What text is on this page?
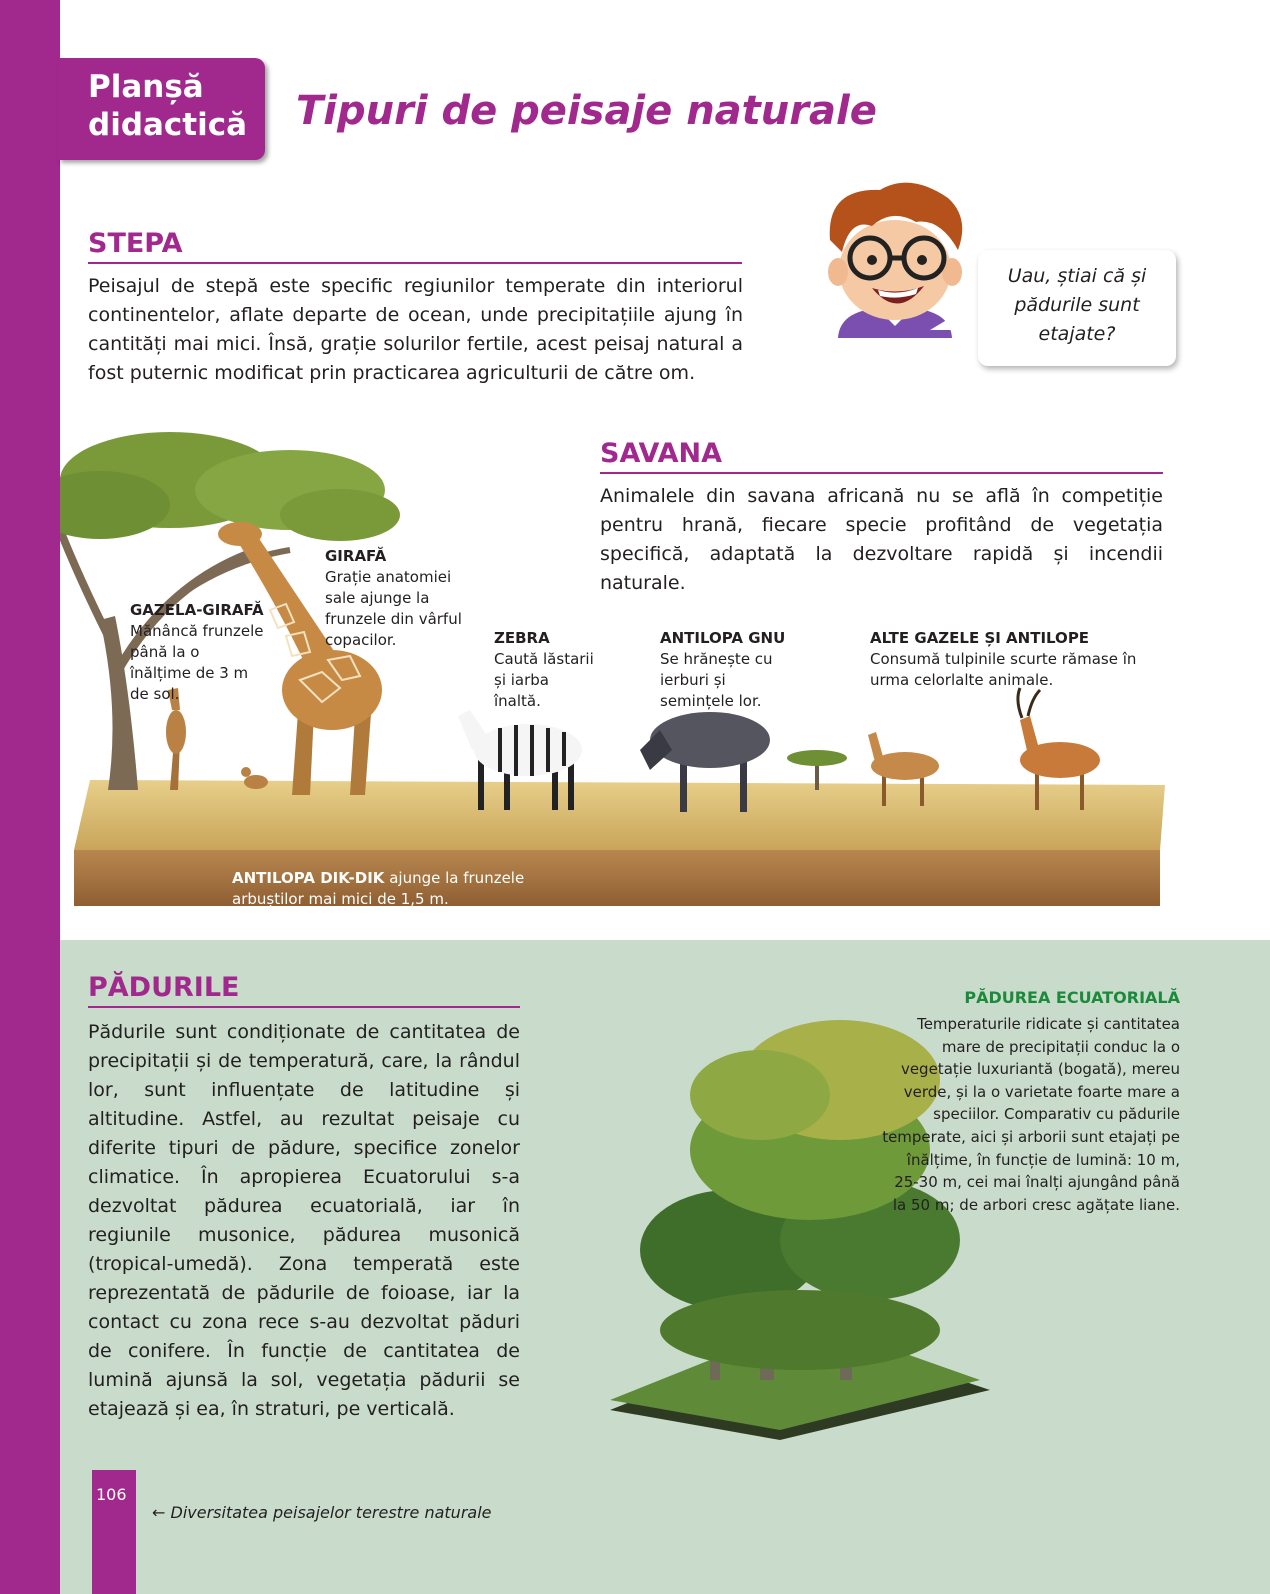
Planșă
didactică	Tipuri de peisaje naturale
STEPA
Peisajul de stepă este specific regiunilor temperate din interiorul continentelor, aflate departe de ocean, unde precipitațiile ajung în cantități mai mici. Însă, grație solurilor fertile, acest peisaj natural a fost puternic modificat prin practicarea agriculturii de către om.
Uau, știai că și pădurile sunt etajate?
SAVANA
Animalele din savana africană nu se află în competiție pentru hrană, fiecare specie profitând de vegetația specifică, adaptată la dezvoltare rapidă și incendii naturale.
GAZELA-GIRAFĂ
Mănâncă frunzele până la o înălțime de 3 m de sol.
GIRAFĂ
Grație anatomiei sale ajunge la frunzele din vârful copacilor.	ZEBRA
Caută lăstarii și iarba înaltă.
ANTILOPA GNU
Se hrănește cu ierburi și semințele lor.
ALTE GAZELE ȘI ANTILOPE
Consumă tulpinile scurte rămase în urma celorlalte animale.
ANTILOPA DIK-DIK ajunge la frunzele arbuștilor mai mici de 1,5 m.
PĂDURILE
Pădurile sunt condiționate de cantitatea de precipitații și de temperatură, care, la rândul lor, sunt influențate de latitudine și altitudine. Astfel, au rezultat peisaje cu diferite tipuri de pădure, specifice zonelor climatice. În apropierea Ecuatorului s-a dezvoltat pădurea ecuatorială, iar în regiunile musonice, pădurea musonică (tropical-umedă). Zona temperată este reprezentată de pădurile de foioase, iar la contact cu zona rece s-au dezvoltat păduri de conifere. În funcție de cantitatea de lumină ajunsă la sol, vegetația pădurii se etajează și ea, în straturi, pe verticală.
PĂDUREA ECUATORIALĂ
Temperaturile ridicate și cantitatea mare de precipitații conduc la o vegetație luxuriantă (bogată), mereu verde, și la o varietate foarte mare a speciilor. Comparativ cu pădurile temperate, aici și arborii sunt etajați pe înălțime, în funcție de lumină: 10 m, 25-30 m, cei mai înalți ajungând până la 50 m; de arbori cresc agățate liane.
106
← Diversitatea peisajelor terestre naturale
